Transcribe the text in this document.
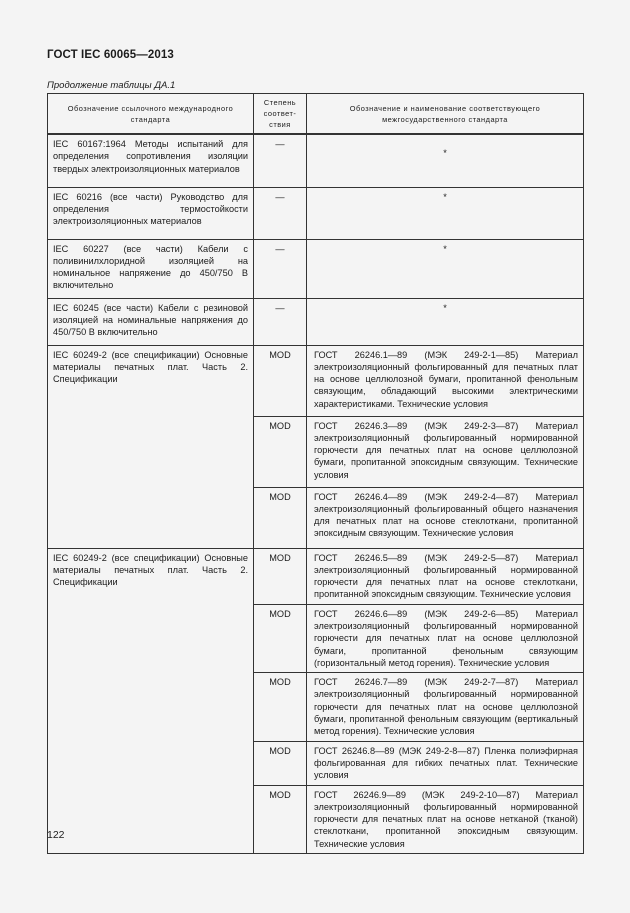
ГОСТ IEC 60065—2013
Продолжение таблицы ДА.1
Обозначение ссылочного международного стандарта	Степень соответ- ствия	Обозначение и наименование соответствующего межгосударственного стандарта
IEC 60167:1964 Методы испытаний для определения сопротивления изоляции твердых электроизоляционных материалов	—	*
IEC 60216 (все части) Руководство для определения термостойкости электроизоляционных материалов	—	*
IEC 60227 (все части) Кабели с поливинилхлоридной изоляцией на номинальное напряжение до 450/750 В включительно	—	*
IEC 60245 (все части) Кабели с резиновой изоляцией на номинальные напряжения до 450/750 В включительно	—	*
IEC 60249-2 (все спецификации) Основные материалы печатных плат. Часть 2. Спецификации	MOD	ГОСТ 26246.1—89 (МЭК 249-2-1—85) Материал электроизоляционный фольгированный для печатных плат на основе целлюлозной бумаги, пропитанной фенольным связующим, обладающий высокими электрическими характеристиками. Технические условия
	MOD	ГОСТ 26246.3—89 (МЭК 249-2-3—87) Материал электроизоляционный фольгированный нормированной горючести для печатных плат на основе целлюлозной бумаги, пропитанной эпоксидным связующим. Технические условия
	MOD	ГОСТ 26246.4—89 (МЭК 249-2-4—87) Материал электроизоляционный фольгированный общего назначения для печатных плат на основе стеклоткани, пропитанной эпоксидным связующим. Технические условия
IEC 60249-2 (все спецификации) Основные материалы печатных плат. Часть 2. Спецификации	MOD	ГОСТ 26246.5—89 (МЭК 249-2-5—87) Материал электроизоляционный фольгированный нормированной горючести для печатных плат на основе стеклоткани, пропитанной эпоксидным связующим. Технические условия
	MOD	ГОСТ 26246.6—89 (МЭК 249-2-6—85) Материал электроизоляционный фольгированный нормированной горючести для печатных плат на основе целлюлозной бумаги, пропитанной фенольным связующим (горизонтальный метод горения). Технические условия
	MOD	ГОСТ 26246.7—89 (МЭК 249-2-7—87) Материал электроизоляционный фольгированный нормированной горючести для печатных плат на основе целлюлозной бумаги, пропитанной фенольным связующим (вертикальный метод горения). Технические условия
	MOD	ГОСТ 26246.8—89 (МЭК 249-2-8—87) Пленка полиэфирная фольгированная для гибких печатных плат. Технические условия
	MOD	ГОСТ 26246.9—89 (МЭК 249-2-10—87) Материал электроизоляционный фольгированный нормированной горючести для печатных плат на основе нетканой (тканой) стеклоткани, пропитанной эпоксидным связующим. Технические условия
122
